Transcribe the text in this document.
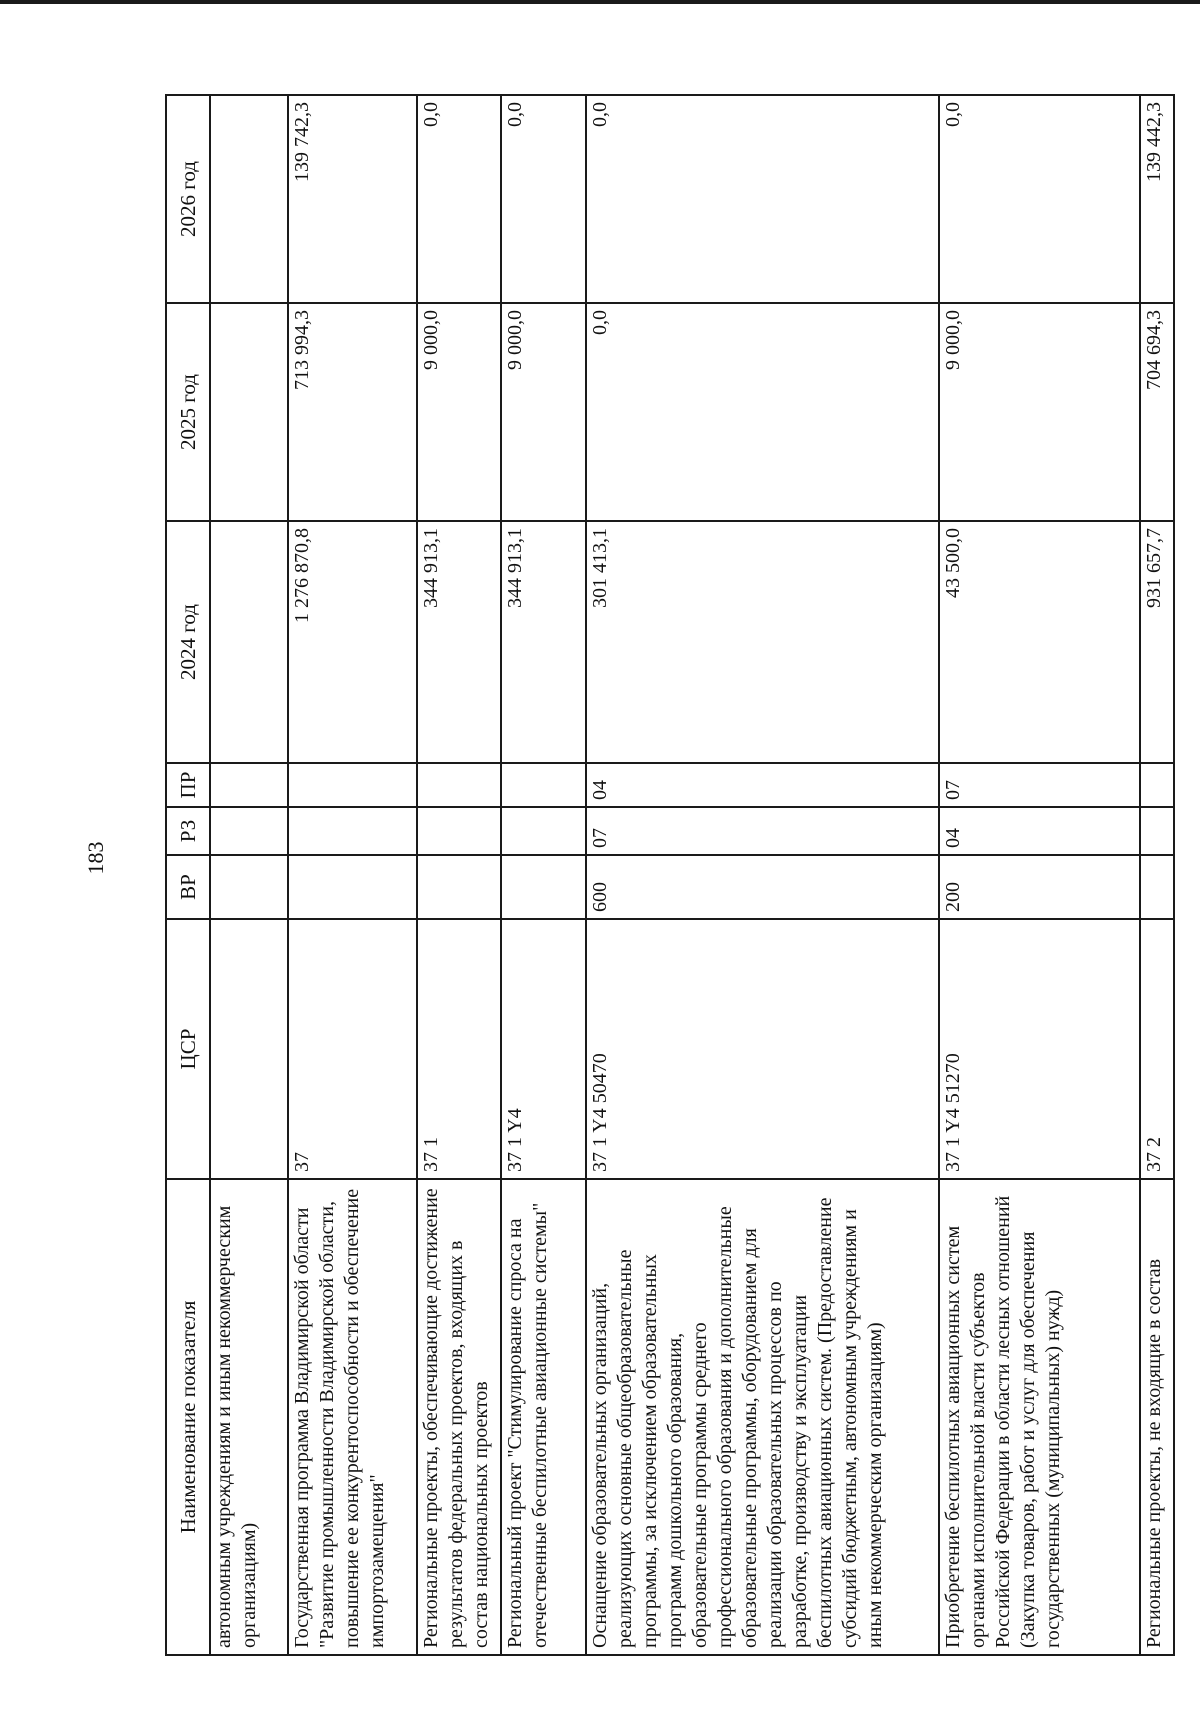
183
Наименование показателя	ЦСР	ВР	РЗ	ПР	2024 год	2025 год	2026 год
автономным учреждениям и иным некоммерческим организациям)							
Государственная программа Владимирской области "Развитие промышленности Владимирской области, повышение ее конкурентоспособности и обеспечение импортозамещения"	37				1 276 870,8	713 994,3	139 742,3
Региональные проекты, обеспечивающие достижение результатов федеральных проектов, входящих в состав национальных проектов	37 1				344 913,1	9 000,0	0,0
Региональный проект "Стимулирование спроса на отечественные беспилотные авиационные системы"	37 1 Y4				344 913,1	9 000,0	0,0
Оснащение образовательных организаций, реализующих основные общеобразовательные программы, за исключением образовательных программ дошкольного образования, образовательные программы среднего профессионального образования и дополнительные образовательные программы, оборудованием для реализации образовательных процессов по разработке, производству и эксплуатации беспилотных авиационных систем. (Предоставление субсидий бюджетным, автономным учреждениям и иным некоммерческим организациям)	37 1 Y4 50470	600	07	04	301 413,1	0,0	0,0
Приобретение беспилотных авиационных систем органами исполнительной власти субъектов Российской Федерации в области лесных отношений (Закупка товаров, работ и услуг для обеспечения государственных (муниципальных) нужд)	37 1 Y4 51270	200	04	07	43 500,0	9 000,0	0,0
Региональные проекты, не входящие в состав	37 2				931 657,7	704 694,3	139 442,3
